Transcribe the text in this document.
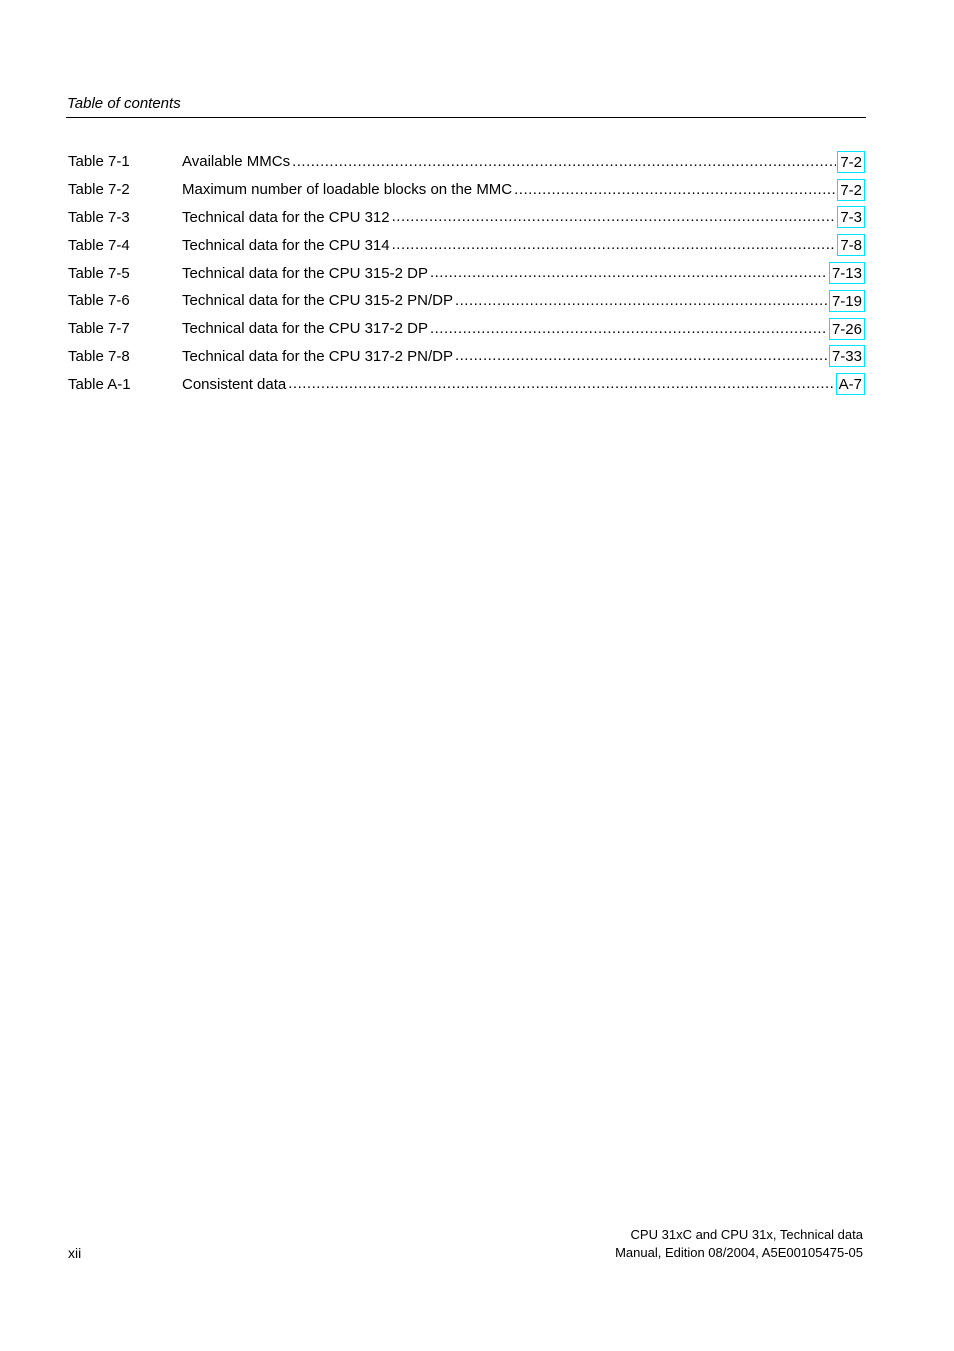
Table of contents
Table 7-1	Available MMCs .....	7-2
Table 7-2	Maximum number of loadable blocks on the MMC .....	7-2
Table 7-3	Technical data for the CPU 312 .....	7-3
Table 7-4	Technical data for the CPU 314 .....	7-8
Table 7-5	Technical data for the CPU 315-2 DP .....	7-13
Table 7-6	Technical data for the CPU 315-2 PN/DP .....	7-19
Table 7-7	Technical data for the CPU 317-2 DP .....	7-26
Table 7-8	Technical data for the CPU 317-2 PN/DP .....	7-33
Table A-1	Consistent data .....	A-7
CPU 31xC and CPU 31x, Technical data
Manual, Edition 08/2004, A5E00105475-05
xii
